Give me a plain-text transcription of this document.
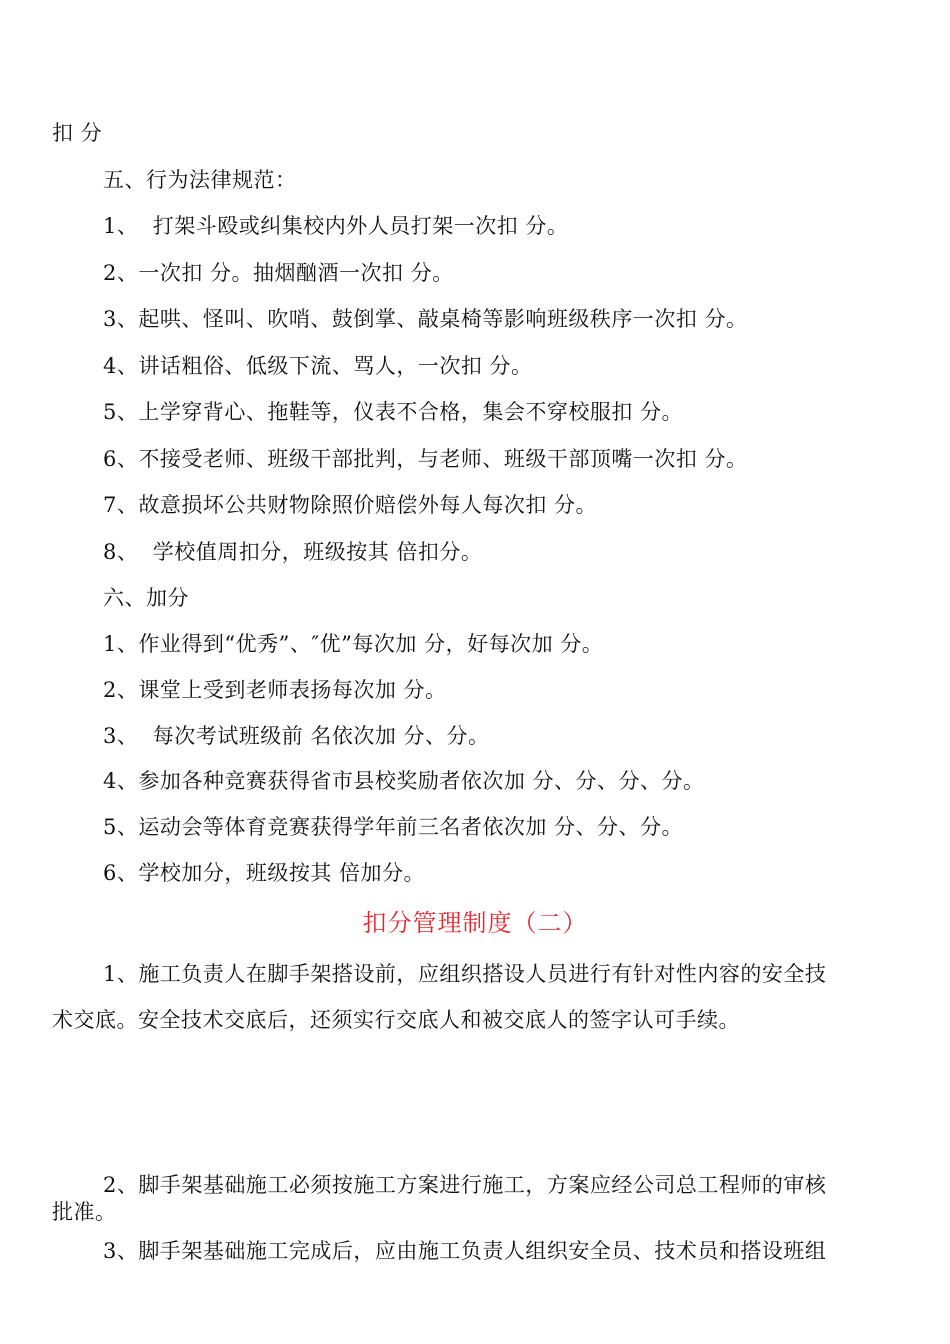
扣 分
五、行为法律规范：
1、  打架斗殴或纠集校内外人员打架一次扣 分。
2、一次扣 分。抽烟酗酒一次扣 分。
3、起哄、怪叫、吹哨、鼓倒掌、敲桌椅等影响班级秩序一次扣 分。
4、讲话粗俗、低级下流、骂人，一次扣 分。
5、上学穿背心、拖鞋等，仪表不合格，集会不穿校服扣 分。
6、不接受老师、班级干部批判，与老师、班级干部顶嘴一次扣 分。
7、故意损坏公共财物除照价赔偿外每人每次扣 分。
8、  学校值周扣分，班级按其 倍扣分。
六、加分
1、作业得到“优秀”、″优”每次加 分，好每次加 分。
2、课堂上受到老师表扬每次加 分。
3、  每次考试班级前 名依次加 分、分。
4、参加各种竞赛获得省市县校奖励者依次加 分、分、分、分。
5、运动会等体育竞赛获得学年前三名者依次加 分、分、分。
6、学校加分，班级按其 倍加分。
扣分管理制度（二）
1、施工负责人在脚手架搭设前，应组织搭设人员进行有针对性内容的安全技
术交底。安全技术交底后，还须实行交底人和被交底人的签字认可手续。
2、脚手架基础施工必须按施工方案进行施工，方案应经公司总工程师的审核
批准。
3、脚手架基础施工完成后，应由施工负责人组织安全员、技术员和搭设班组
